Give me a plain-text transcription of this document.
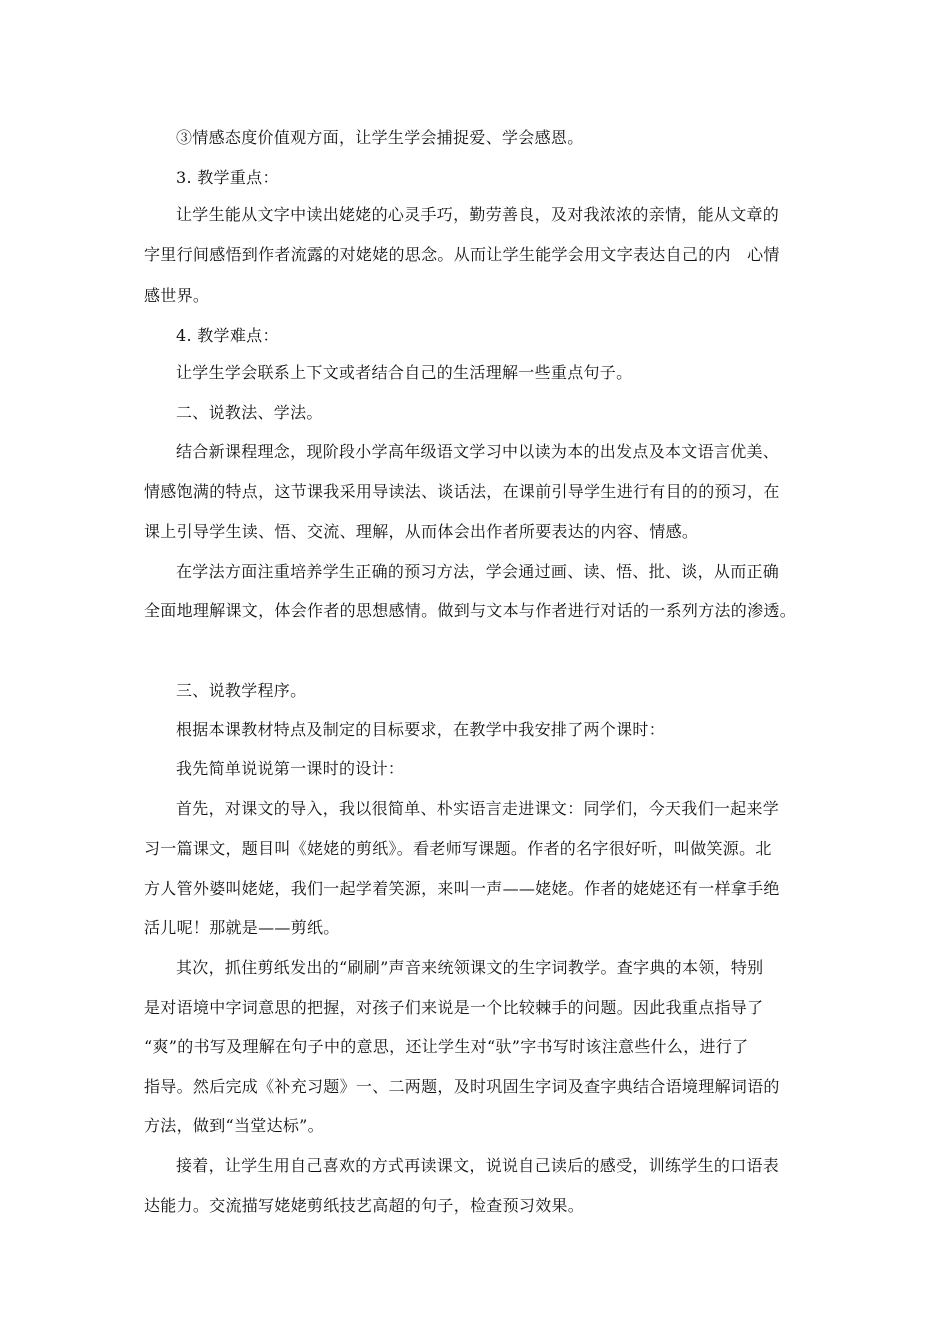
③情感态度价值观方面，让学生学会捕捉爱、学会感恩。
3. 教学重点：
让学生能从文字中读出姥姥的心灵手巧，勤劳善良，及对我浓浓的亲情，能从文章的
字里行间感悟到作者流露的对姥姥的思念。从而让学生能学会用文字表达自己的内　心情
感世界。
4. 教学难点：
让学生学会联系上下文或者结合自己的生活理解一些重点句子。
二、说教法、学法。
结合新课程理念，现阶段小学高年级语文学习中以读为本的出发点及本文语言优美、
情感饱满的特点，这节课我采用导读法、谈话法，在课前引导学生进行有目的的预习，在
课上引导学生读、悟、交流、理解，从而体会出作者所要表达的内容、情感。
在学法方面注重培养学生正确的预习方法，学会通过画、读、悟、批、谈，从而正确
全面地理解课文，体会作者的思想感情。做到与文本与作者进行对话的一系列方法的渗透。
三、说教学程序。
根据本课教材特点及制定的目标要求，在教学中我安排了两个课时：
我先简单说说第一课时的设计：
首先，对课文的导入，我以很简单、朴实语言走进课文：同学们，今天我们一起来学
习一篇课文，题目叫《姥姥的剪纸》。看老师写课题。作者的名字很好听，叫做笑源。北
方人管外婆叫姥姥，我们一起学着笑源，来叫一声——姥姥。作者的姥姥还有一样拿手绝
活儿呢！那就是——剪纸。
其次，抓住剪纸发出的“刷刷”声音来统领课文的生字词教学。查字典的本领，特别
是对语境中字词意思的把握，对孩子们来说是一个比较棘手的问题。因此我重点指导了
“爽”的书写及理解在句子中的意思，还让学生对“驮”字书写时该注意些什么，进行了
指导。然后完成《补充习题》一、二两题，及时巩固生字词及查字典结合语境理解词语的
方法，做到“当堂达标”。
接着，让学生用自己喜欢的方式再读课文，说说自己读后的感受，训练学生的口语表
达能力。交流描写姥姥剪纸技艺高超的句子，检查预习效果。
